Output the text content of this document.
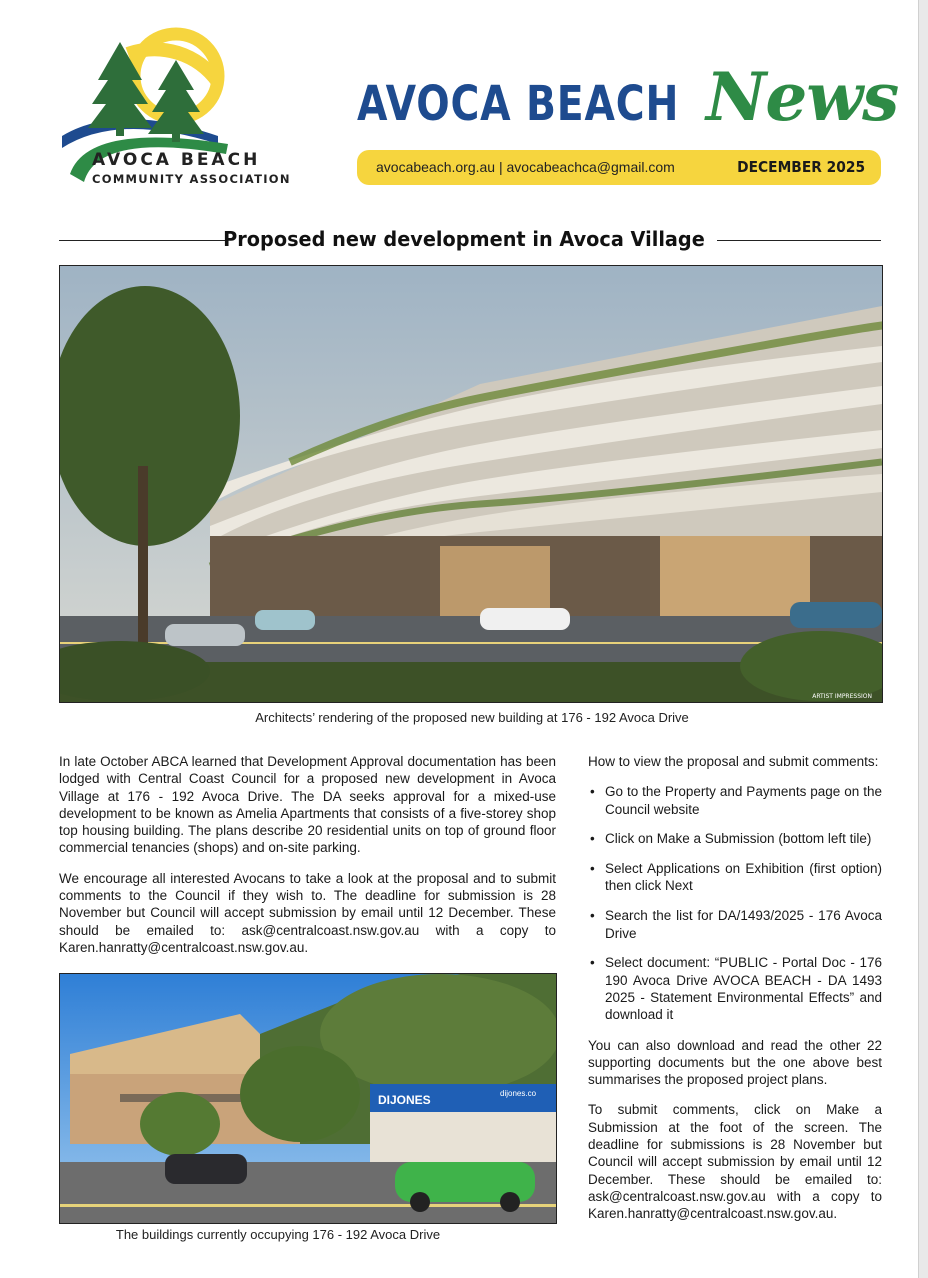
AVOCA BEACH
COMMUNITY ASSOCIATION
AVOCA BEACH News
avocabeach.org.au | avocabeachca@gmail.com	DECEMBER 2025
Proposed new development in Avoca Village
ARTIST IMPRESSION
Architects’ rendering of the proposed new building at 176 - 192 Avoca Drive

In late October ABCA learned that Development Approval documentation has been lodged with Central Coast Council for a proposed new development in Avoca Village at 176 - 192 Avoca Drive. The DA seeks approval for a mixed-use development to be known as Amelia Apartments that consists of a five-storey shop top housing building. The plans describe 20 residential units on top of ground floor commercial tenancies (shops) and on-site parking.

We encourage all interested Avocans to take a look at the proposal and to submit comments to the Council if they wish to. The deadline for submission is 28 November but Council will accept submission by email until 12 December. These should be emailed to: ask@centralcoast.nsw.gov.au with a copy to Karen.hanratty@centralcoast.nsw.gov.au.

DIJONES	dijones.co
The buildings currently occupying 176 - 192 Avoca Drive

How to view the proposal and submit comments:

• Go to the Property and Payments page on the Council website
• Click on Make a Submission (bottom left tile)
• Select Applications on Exhibition (first option) then click Next
• Search the list for DA/1493/2025 - 176 Avoca Drive
• Select document: “PUBLIC - Portal Doc - 176 190 Avoca Drive AVOCA BEACH - DA 1493 2025 - Statement Environmental Effects” and download it

You can also download and read the other 22 supporting documents but the one above best summarises the proposed project plans.

To submit comments, click on Make a Submission at the foot of the screen. The deadline for submissions is 28 November but Council will accept submission by email until 12 December. These should be emailed to: ask@centralcoast.nsw.gov.au with a copy to Karen.hanratty@centralcoast.nsw.gov.au.
